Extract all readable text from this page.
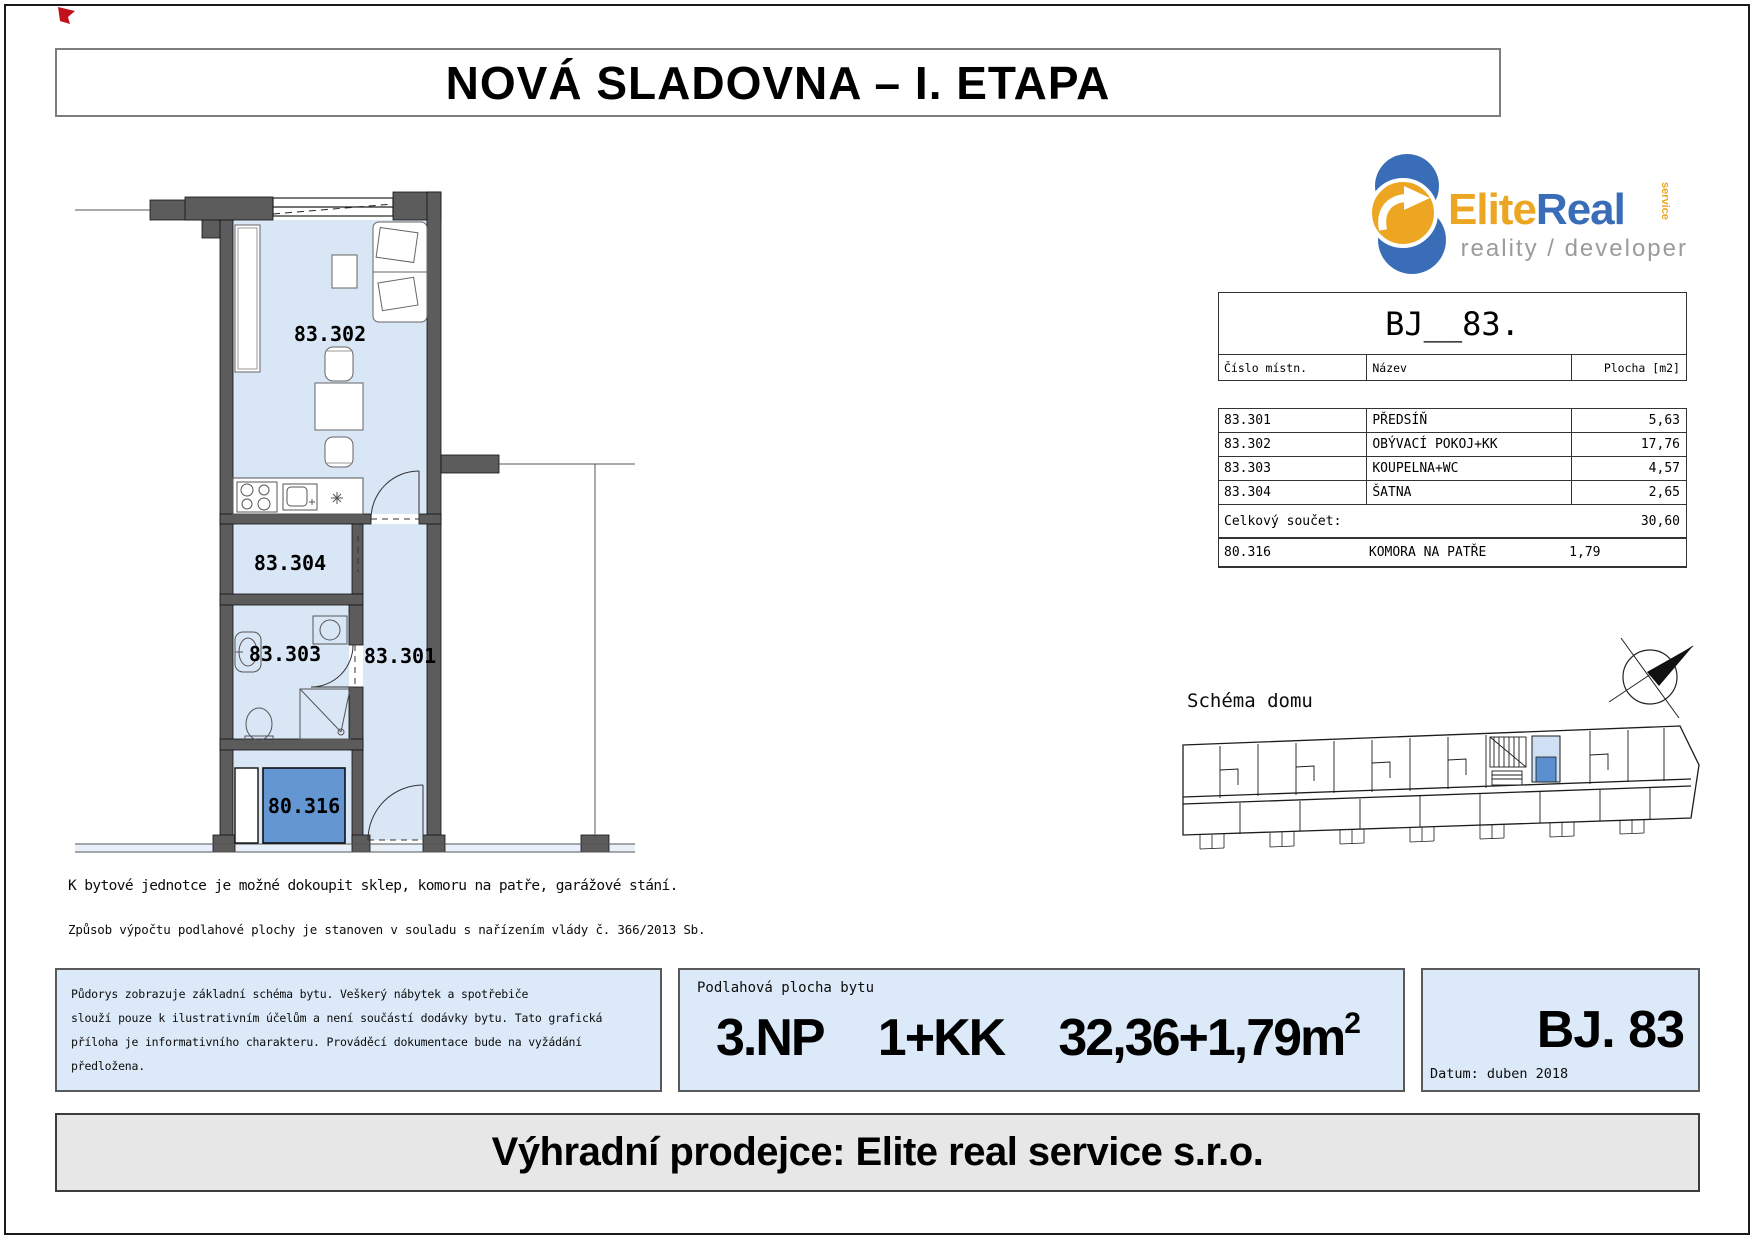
NOVÁ SLADOVNA – I. ETAPA
83.302
83.304
83.303 83.301
80.316
EliteReal	service
reality / developer
BJ__83.
Číslo místn.	Název	Plocha [m2]
83.301	PŘEDSÍŇ	5,63
83.302	OBÝVACÍ POKOJ+KK	17,76
83.303	KOUPELNA+WC	4,57
83.304	ŠATNA	2,65
Celkový součet:	30,60
80.316	KOMORA NA PATŘE	1,79
Schéma domu
K bytové jednotce je možné dokoupit sklep, komoru na patře, garážové stání.
Způsob výpočtu podlahové plochy je stanoven v souladu s nařízením vlády č. 366/2013 Sb.
Půdorys zobrazuje základní schéma bytu. Veškerý nábytek a spotřebiče
slouží pouze k ilustrativním účelům a není součástí dodávky bytu. Tato grafická
příloha je informativního charakteru. Prováděcí dokumentace bude na vyžádání
předložena.
Podlahová plocha bytu
3.NP 1+KK $32,36+1,79m^2$	BJ. 83
Datum: duben 2018
Výhradní prodejce: Elite real service s.r.o.
